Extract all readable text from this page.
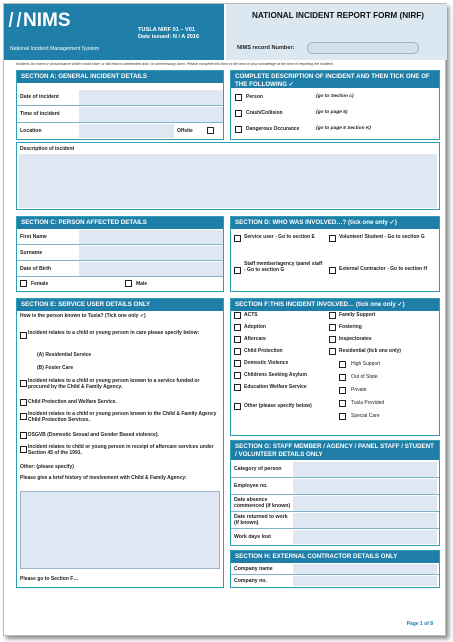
NIMS
National Incident Management System
TUSLA NIRF 01 – V01
Date issued: N / A 2016
NATIONAL INCIDENT REPORT FORM (NIRF)
NIMS record Number:
Incident: An event or circumstance which could have, or did lead to unintended and / or unnecessary harm. Please complete this form to the best of your knowledge at the time of reporting the incident.
SECTION A: GENERAL INCIDENT DETAILS
Date of incident
Time of incident
Location	Offsite
COMPLETE DESCRIPTION OF INCIDENT AND THEN TICK ONE OF THE FOLLOWING ✓
Person	(go to Section c)
Crash/Collision	(go to page 5)
Dangerous Occurance	(go to page 5 Section K)
Description of incident
SECTION C: PERSON AFFECTED DETAILS
First Name
Surname
Date of Birth
Female	Male
SECTION D: WHO WAS INVOLVED…? (tick one only ✓)
Service user - Go to section E	Volunteer/ Student - Go to section G
Staff member/agency /panel staff - Go to section G	External Contractor - Go to section H
SECTION E: SERVICE USER DETAILS ONLY
How is the person known to Tusla? (Tick one only ✓)
Incident relates to a child or young person in care please specify below:
(A) Residential Service
(B) Foster Care
Incident relates to a child or young person known to a service funded or procured by the Child & Family Agency.
Child Protection and Welfare Service.
Incident relates to a child or young person known to the Child & Family Agency Child Protection Services.
DSGVB (Domestic Sexual and Gender Based violence).
Incident relates to child or young person in receipt of aftercare services under Section 45 of the 1991.
Other: (please specify)
Please give a brief history of involvement with Child & Family Agency:
Please go to Section F…
SECTION F:THIS INCIDENT INVOLVED… (tick one only ✓)
ACTS
Adoption
Aftercare
Child Protection
Domestic Violence
Childrens Seeking Asylum
Education Welfare Service
Other (please specify below)
Family Support
Fostering
Inspectorates
Residential (tick one only)
High Support
Out of State
Private
Tusla Provided
Special Care
SECTION G: STAFF MEMBER / AGENCY / PANEL STAFF / STUDENT / VOLUNTEER DETAILS ONLY
Category of person
Employee no.
Date absence commenced (if known)
Date returned to work (if known)
Work days lost
SECTION H: EXTERNAL CONTRACTOR DETAILS ONLY
Company name
Company no.
Page 1 of 8
